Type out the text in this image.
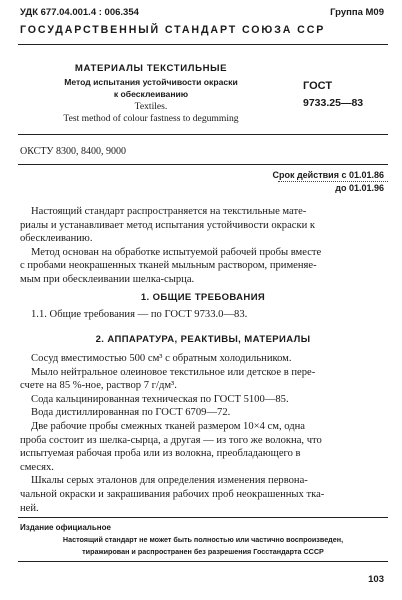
УДК 677.04.001.4 : 006.354	Группа М09
ГОСУДАРСТВЕННЫЙ СТАНДАРТ СОЮЗА ССР
МАТЕРИАЛЫ ТЕКСТИЛЬНЫЕ
Метод испытания устойчивости окраски
к обесклеиванию
Textiles.
Test method of colour fastness to degumming
ГОСТ
9733.25—83
ОКСТУ 8300, 8400, 9000
Срок действия с 01.01.86
до 01.01.96
Настоящий стандарт распространяется на текстильные мате-
риалы и устанавливает метод испытания устойчивости окраски к
обесклеиванию.
Метод основан на обработке испытуемой рабочей пробы вместе
с пробами неокрашенных тканей мыльным раствором, применяе-
мым при обесклеивании шелка-сырца.
1. ОБЩИЕ ТРЕБОВАНИЯ
1.1. Общие требования — по ГОСТ 9733.0—83.
2. АППАРАТУРА, РЕАКТИВЫ, МАТЕРИАЛЫ
Сосуд вместимостью 500 см³ с обратным холодильником.
Мыло нейтральное олеиновое текстильное или детское в пере-
счете на 85 %-ное, раствор 7 г/дм³.
Сода кальцинированная техническая по ГОСТ 5100—85.
Вода дистиллированная по ГОСТ 6709—72.
Две рабочие пробы смежных тканей размером 10×4 см, одна
проба состоит из шелка-сырца, а другая — из того же волокна, что
испытуемая рабочая проба или из волокна, преобладающего в
смесях.
Шкалы серых эталонов для определения изменения первона-
чальной окраски и закрашивания рабочих проб неокрашенных тка-
ней.
Издание официальное
Настоящий стандарт не может быть полностью или частично воспроизведен,
тиражирован и распространен без разрешения Госстандарта СССР
103
